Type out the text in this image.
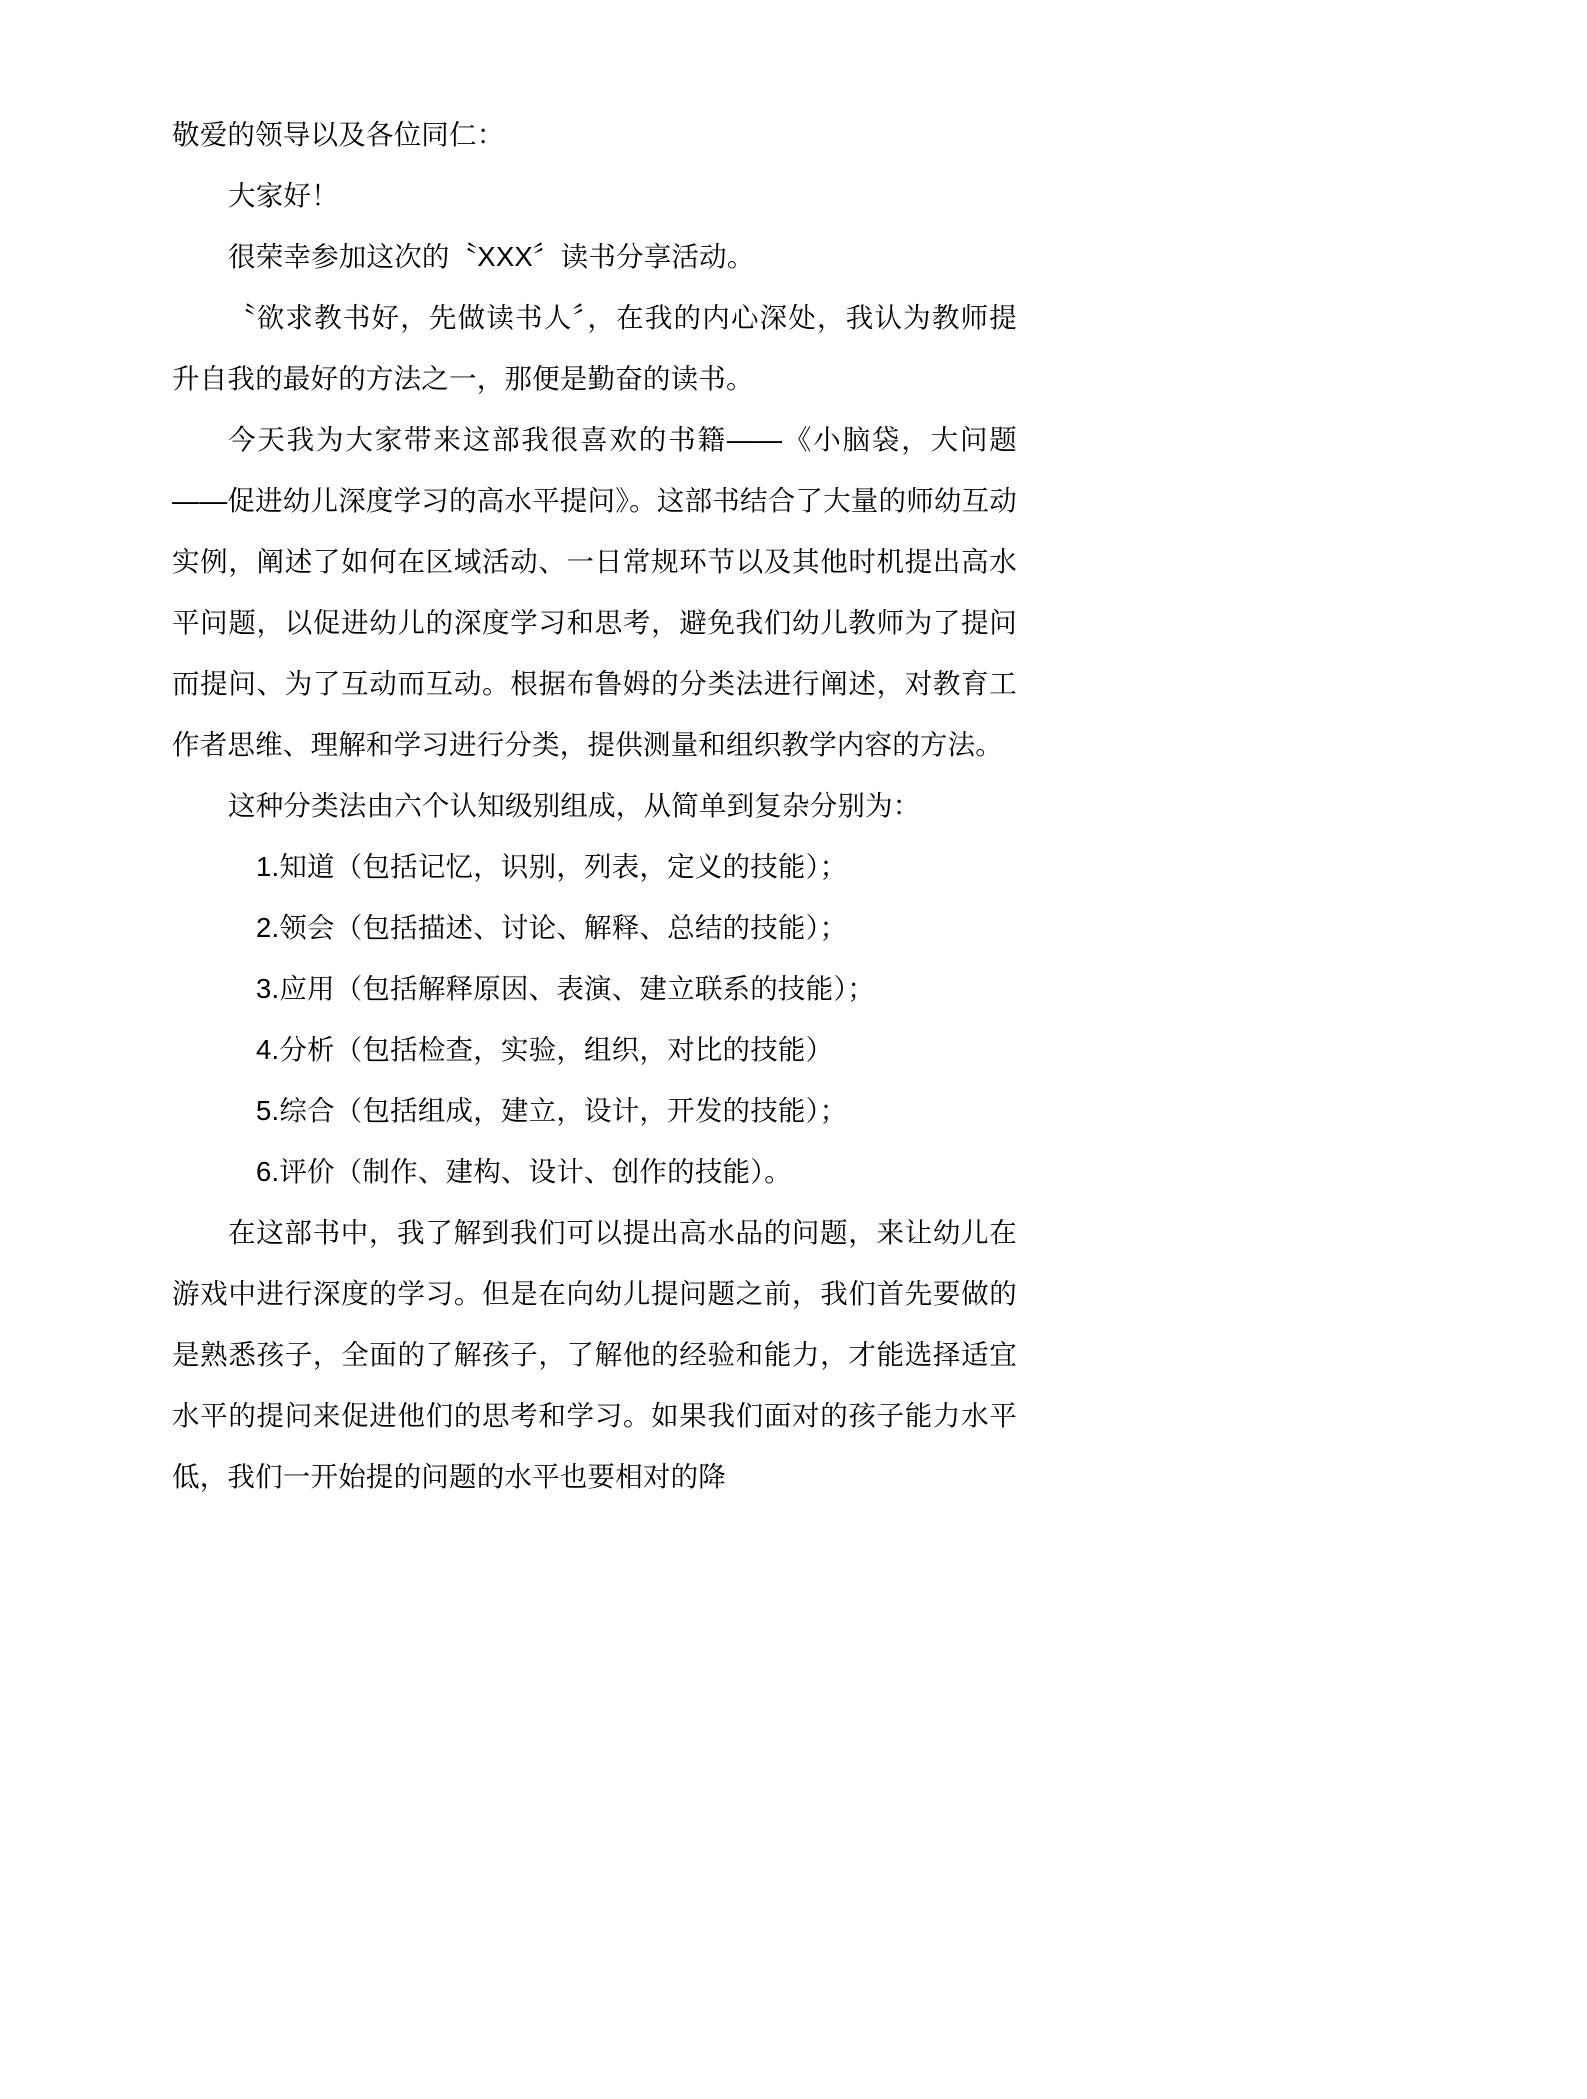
敬爱的领导以及各位同仁：

大家好！

很荣幸参加这次的〝XXX〞读书分享活动。

〝欲求教书好，先做读书人〞，在我的内心深处，我认为教师提升自我的最好的方法之一，那便是勤奋的读书。

今天我为大家带来这部我很喜欢的书籍——《小脑袋，大问题——促进幼儿深度学习的高水平提问》。这部书结合了大量的师幼互动实例，阐述了如何在区域活动、一日常规环节以及其他时机提出高水平问题，以促进幼儿的深度学习和思考，避免我们幼儿教师为了提问而提问、为了互动而互动。根据布鲁姆的分类法进行阐述，对教育工作者思维、理解和学习进行分类，提供测量和组织教学内容的方法。

这种分类法由六个认知级别组成，从简单到复杂分别为：

1.知道（包括记忆，识别，列表，定义的技能）；

2.领会（包括描述、讨论、解释、总结的技能）；

3.应用（包括解释原因、表演、建立联系的技能）；

4.分析（包括检查，实验，组织，对比的技能）

5.综合（包括组成，建立，设计，开发的技能）；

6.评价（制作、建构、设计、创作的技能）。

在这部书中，我了解到我们可以提出高水品的问题，来让幼儿在游戏中进行深度的学习。但是在向幼儿提问题之前，我们首先要做的是熟悉孩子，全面的了解孩子，了解他的经验和能力，才能选择适宜水平的提问来促进他们的思考和学习。如果我们面对的孩子能力水平低，我们一开始提的问题的水平也要相对的降
